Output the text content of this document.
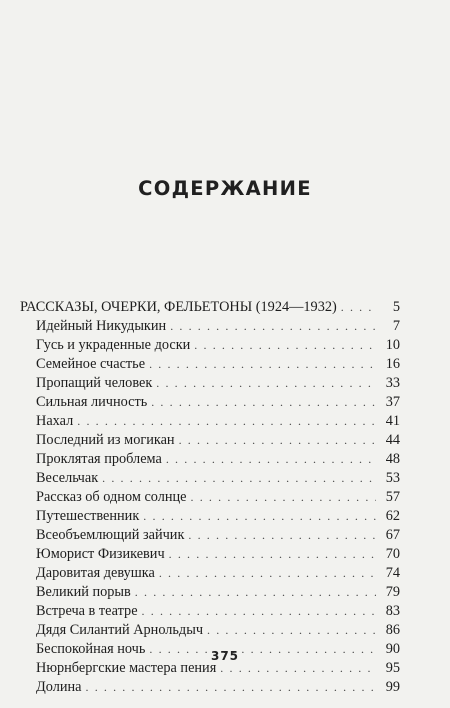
СОДЕРЖАНИЕ
РАССКАЗЫ, ОЧЕРКИ, ФЕЛЬЕТОНЫ (1924—1932) . . .	5
Идейный Никудыкин . . .	7
Гусь и украденные доски . . .	10
Семейное счастье . . .	16
Пропащий человек . . .	33
Сильная личность . . .	37
Нахал . . .	41
Последний из могикан . . .	44
Проклятая проблема . . .	48
Весельчак . . .	53
Рассказ об одном солнце . . .	57
Путешественник . . .	62
Всеобъемлющий зайчик . . .	67
Юморист Физикевич . . .	70
Даровитая девушка . . .	74
Великий порыв . . .	79
Встреча в театре . . .	83
Дядя Силантий Арнольдыч . . .	86
Беспокойная ночь . . .	90
Нюрнбергские мастера пения . . .	95
Долина . . .	99
375
